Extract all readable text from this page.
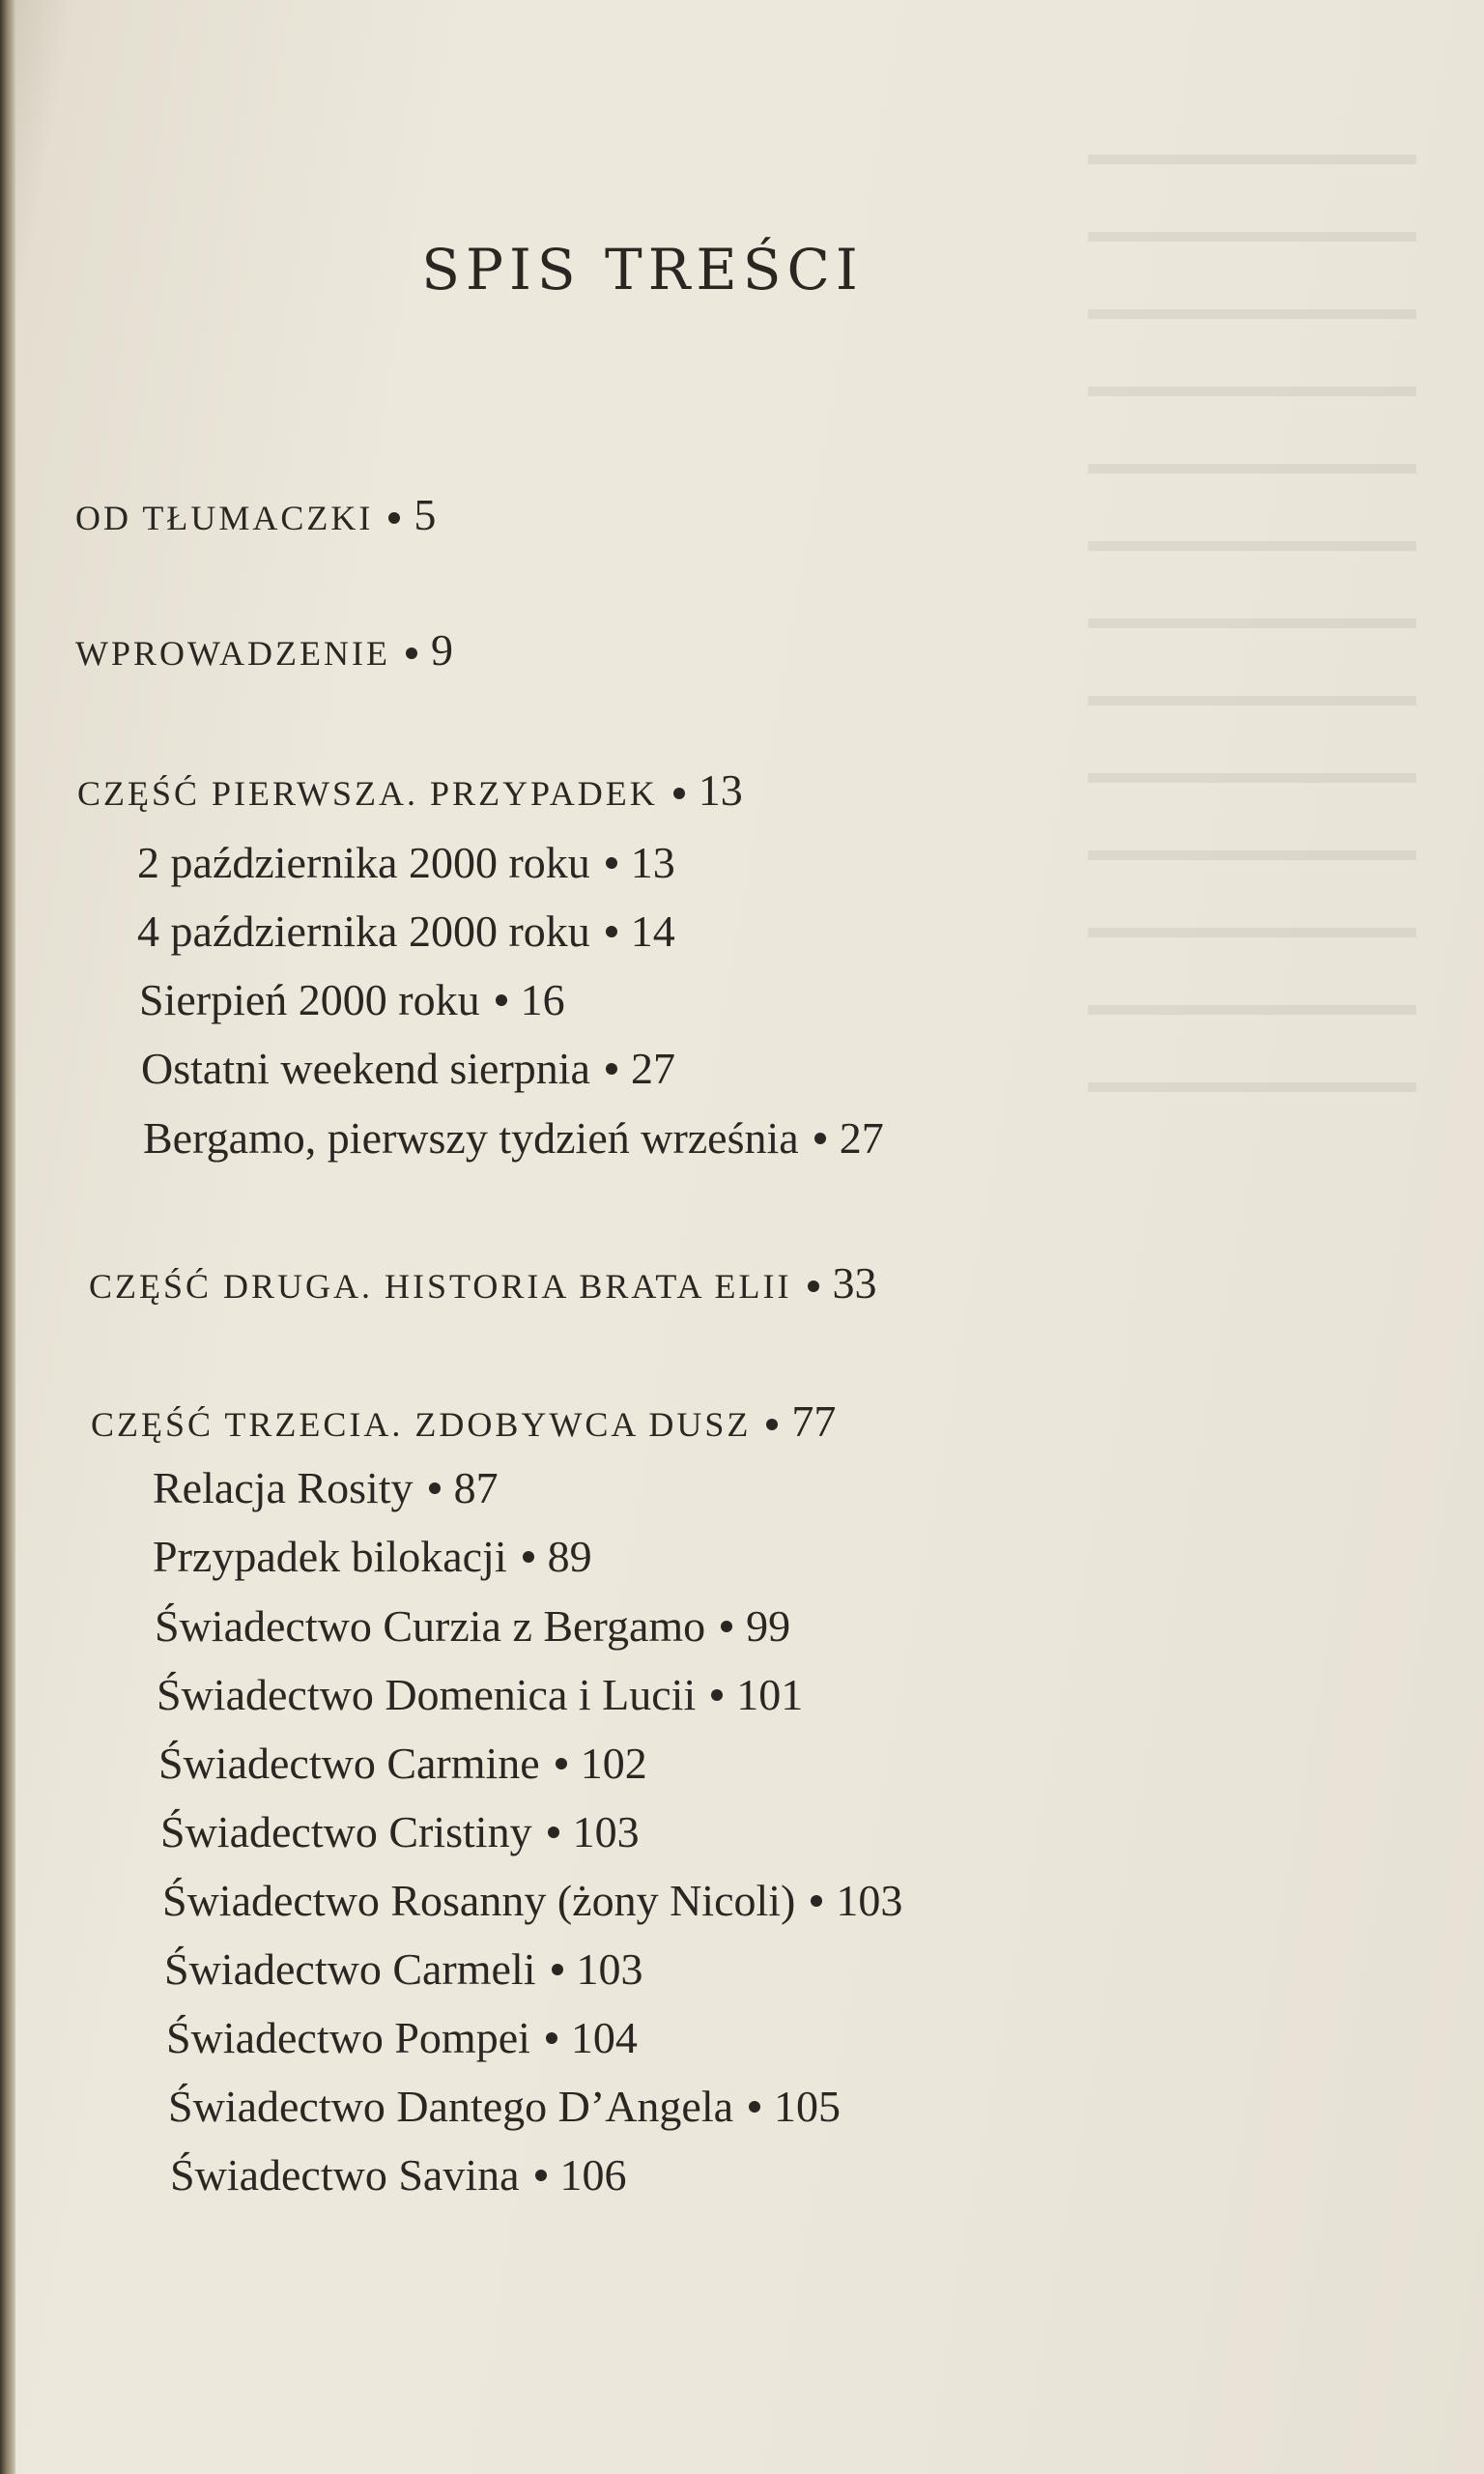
SPIS TREŚCI
OD TŁUMACZKI 5
WPROWADZENIE 9
CZĘŚĆ PIERWSZA. PRZYPADEK 13
2 października 2000 roku 13
4 października 2000 roku 14
Sierpień 2000 roku 16
Ostatni weekend sierpnia 27
Bergamo, pierwszy tydzień września 27
CZĘŚĆ DRUGA. HISTORIA BRATA ELII 33
CZĘŚĆ TRZECIA. ZDOBYWCA DUSZ 77
Relacja Rosity 87
Przypadek bilokacji 89
Świadectwo Curzia z Bergamo 99
Świadectwo Domenica i Lucii 101
Świadectwo Carmine 102
Świadectwo Cristiny 103
Świadectwo Rosanny (żony Nicoli) 103
Świadectwo Carmeli 103
Świadectwo Pompei 104
Świadectwo Dantego D’Angela 105
Świadectwo Savina 106
